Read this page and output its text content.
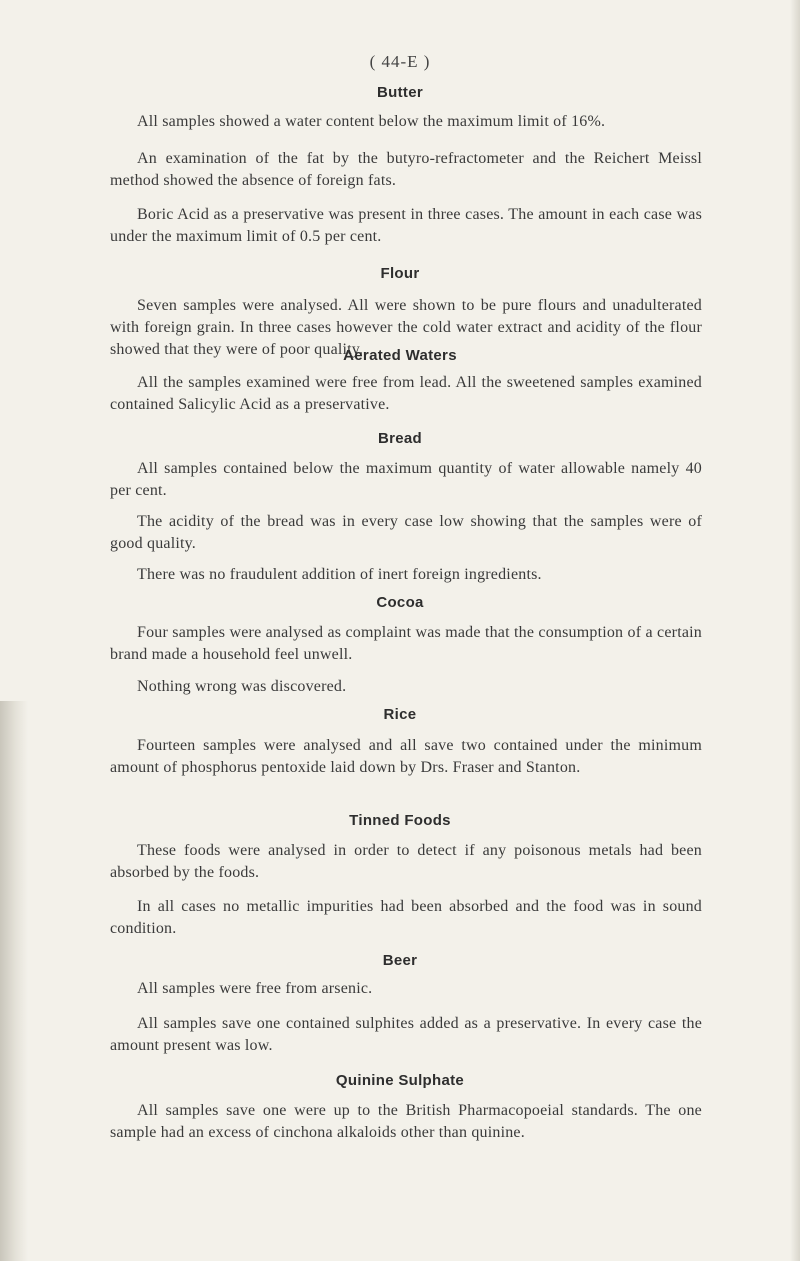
( 44-E )
Butter

All samples showed a water content below the maximum limit of 16%.

An examination of the fat by the butyro-refractometer and the Reichert Meissl method showed the absence of foreign fats.

Boric Acid as a preservative was present in three cases. The amount in each case was under the maximum limit of 0.5 per cent.

Flour

Seven samples were analysed. All were shown to be pure flours and unadulterated with foreign grain. In three cases however the cold water extract and acidity of the flour showed that they were of poor quality.

Aerated Waters

All the samples examined were free from lead. All the sweetened samples examined contained Salicylic Acid as a preservative.

Bread

All samples contained below the maximum quantity of water allowable namely 40 per cent.

The acidity of the bread was in every case low showing that the samples were of good quality.

There was no fraudulent addition of inert foreign ingredients.

Cocoa

Four samples were analysed as complaint was made that the consumption of a certain brand made a household feel unwell.

Nothing wrong was discovered.

Rice

Fourteen samples were analysed and all save two contained under the minimum amount of phosphorus pentoxide laid down by Drs. Fraser and Stanton.

Tinned Foods

These foods were analysed in order to detect if any poisonous metals had been absorbed by the foods.

In all cases no metallic impurities had been absorbed and the food was in sound condition.

Beer

All samples were free from arsenic.

All samples save one contained sulphites added as a preservative. In every case the amount present was low.

Quinine Sulphate

All samples save one were up to the British Pharmacopoeial standards. The one sample had an excess of cinchona alkaloids other than quinine.
